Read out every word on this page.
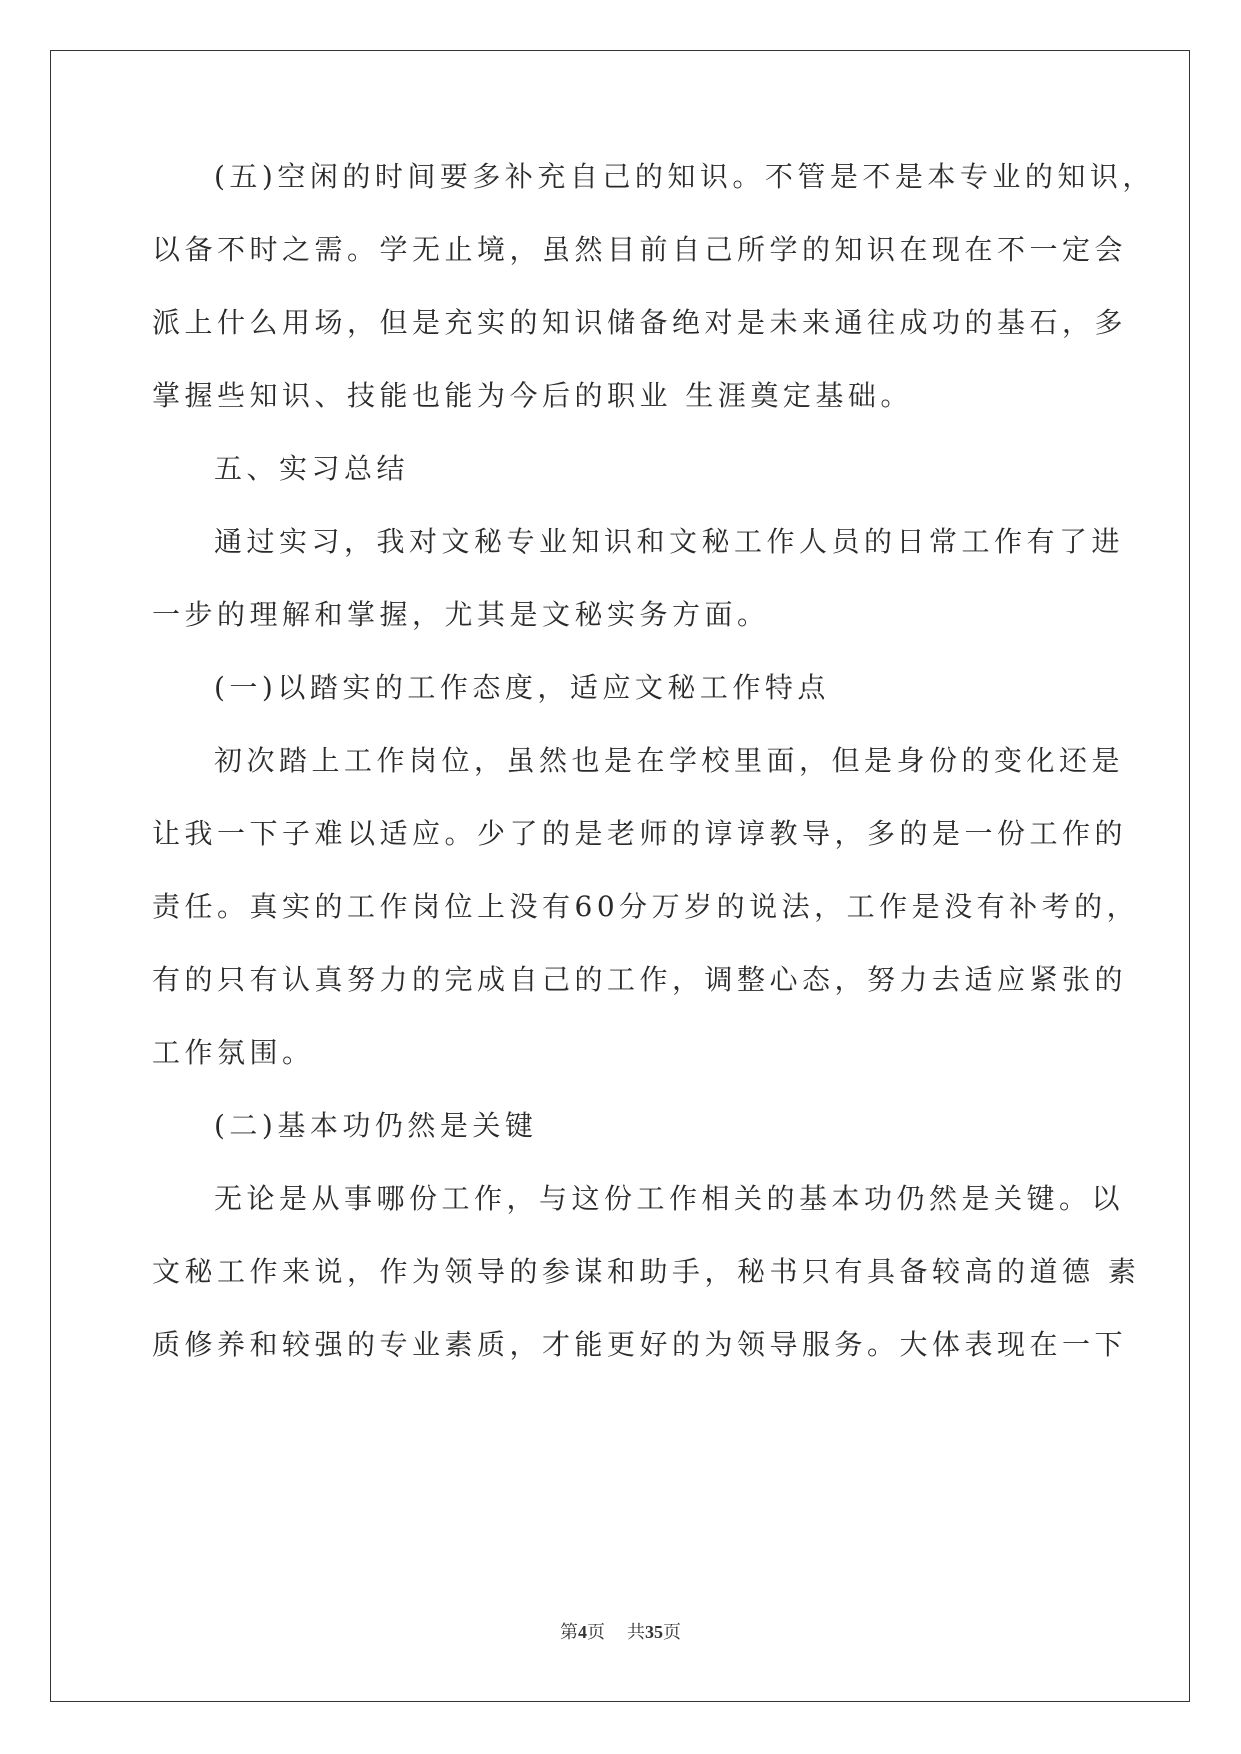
(五)空闲的时间要多补充自己的知识。不管是不是本专业的知识，
以备不时之需。学无止境，虽然目前自己所学的知识在现在不一定会
派上什么用场，但是充实的知识储备绝对是未来通往成功的基石，多
掌握些知识、技能也能为今后的职业 生涯奠定基础。
五、实习总结
通过实习，我对文秘专业知识和文秘工作人员的日常工作有了进
一步的理解和掌握，尤其是文秘实务方面。
(一)以踏实的工作态度，适应文秘工作特点
初次踏上工作岗位，虽然也是在学校里面，但是身份的变化还是
让我一下子难以适应。少了的是老师的谆谆教导，多的是一份工作的
责任。真实的工作岗位上没有60分万岁的说法，工作是没有补考的，
有的只有认真努力的完成自己的工作，调整心态，努力去适应紧张的
工作氛围。
(二)基本功仍然是关键
无论是从事哪份工作，与这份工作相关的基本功仍然是关键。以
文秘工作来说，作为领导的参谋和助手，秘书只有具备较高的道德 素
质修养和较强的专业素质，才能更好的为领导服务。大体表现在一下
第4页 共35页
